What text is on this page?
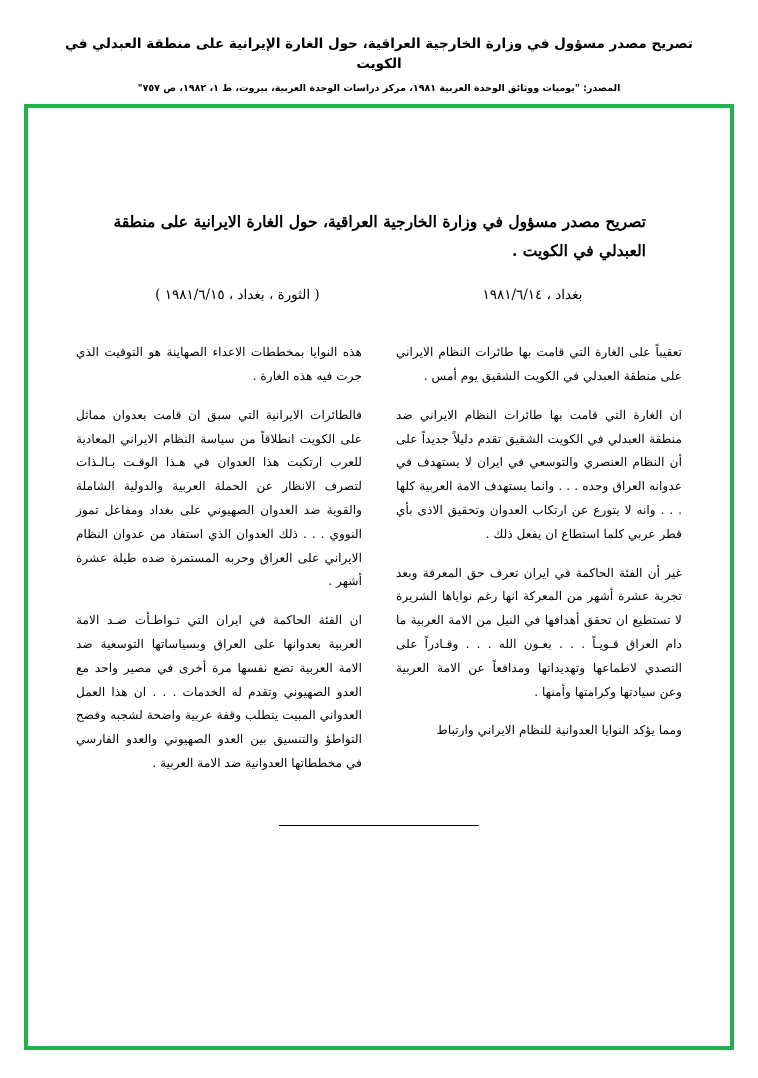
تصريح مصدر مسؤول في وزارة الخارجية العراقية، حول الغارة الإيرانية على منطقة العبدلي في الكويت
المصدر: "يوميات ووثائق الوحدة العربية ١٩٨١، مركز دراسات الوحدة العربية، بيروت، ط ١، ١٩٨٢، ص ٧٥٧"
تصريح مصدر مسؤول في وزارة الخارجية العراقية، حول الغارة الايرانية على منطقة العبدلي في الكويت .
بغداد ، ١٩٨١/٦/١٤
( الثورة ، بغداد ، ١٩٨١/٦/١٥ )

تعقيباً على الغارة التي قامت بها طائرات النظام الايراني على منطقة العبدلي في الكويت الشقيق يوم أمس .

ان الغارة التي قامت بها طائرات النظام الايراني ضد منطقة العبدلي في الكويت الشقيق تقدم دليلاً جديداً على أن النظام العنصري والتوسعي في ايران لا يستهدف في عدوانه العراق وحده . . . وانما يستهدف الامة العربية كلها . . . وانه لا يتورع عن ارتكاب العدوان وتحقيق الاذى بأي قطر عربي كلما استطاع ان يفعل ذلك .

غير أن الفئة الحاكمة في ايران تعرف حق المعرفة وبعد تجربة عشرة أشهر من المعركة انها رغم نواياها الشريرة لا تستطيع ان تحقق أهدافها في النيل من الامة العربية ما دام العراق قـويـاً . . . بعـون الله . . . وقـادراً على التصدي لاطماعها وتهديداتها ومدافعاً عن الامة العربية وعن سيادتها وكرامتها وأمنها .

ومما يؤكد النوايا العدوانية للنظام الايراني وارتباط

هذه النوايا بمخططات الاعداء الصهاينة هو التوقيت الذي جرت فيه هذه الغارة .

فالطائرات الايرانية التي سبق ان قامت بعدوان مماثل على الكويت انطلاقاً من سياسة النظام الايراني المعادية للعرب ارتكبت هذا العدوان في هـذا الوقـت بـالـذات لتصرف الانظار عن الحملة العربية والدولية الشاملة والقوية ضد العدوان الصهيوني على بغداد ومفاعل تموز النووي . . . ذلك العدوان الذي استفاد من عدوان النظام الايراني على العراق وحربه المستمرة ضده طيلة عشرة أشهر .

ان الفئة الحاكمة في ايران التي تـواطـأت ضـد الامة العربية بعدوانها على العراق وبسياساتها التوسعية ضد الامة العربية تضع نفسها مرة أخرى في مصير واحد مع العدو الصهيوني وتقدم له الخدمات . . . ان هذا العمل العدواني المبيت يتطلب وقفة عربية واضحة لشجبه وفضح التواطؤ والتنسيق بين العدو الصهيوني والعدو الفارسي في مخططاتها العدوانية ضد الامة العربية .
